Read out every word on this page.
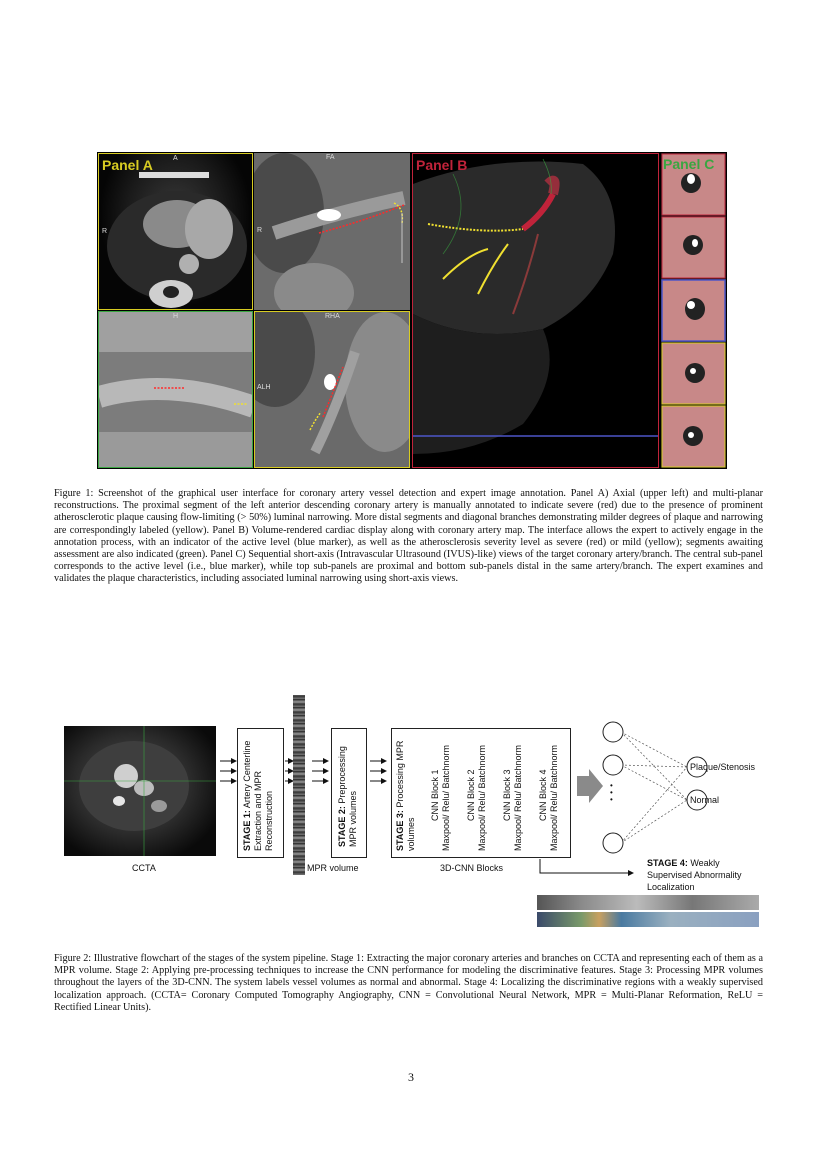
Panel A	A
R
FA
R
H	RHA
ALH
Panel B	Panel C
Figure 1: Screenshot of the graphical user interface for coronary artery vessel detection and expert image annotation. Panel A) Axial (upper left) and multi-planar reconstructions. The proximal segment of the left anterior descending coronary artery is manually annotated to indicate severe (red) due to the presence of prominent atherosclerotic plaque causing flow-limiting (> 50%) luminal narrowing. More distal segments and diagonal branches demonstrating milder degrees of plaque and narrowing are correspondingly labeled (yellow). Panel B) Volume-rendered cardiac display along with coronary artery map. The interface allows the expert to actively engage in the annotation process, with an indicator of the active level (blue marker), as well as the atherosclerosis severity level as severe (red) or mild (yellow); segments awaiting assessment are also indicated (green). Panel C) Sequential short-axis (Intravascular Ultrasound (IVUS)-like) views of the target coronary artery/branch. The central sub-panel corresponds to the active level (i.e., blue marker), while top sub-panels are proximal and bottom sub-panels distal in the same artery/branch. The expert examines and validates the plaque characteristics, including associated luminal narrowing using short-axis views.
CCTA
STAGE 1: Artery Centerline
Extraction and MPR
Reconstruction
MPR volume
STAGE 2: Preprocessing
MPR volumes	STAGE 3: Processing MPR
volumes
CNN Block 1
Maxpool/ Relu/ Batchnorm CNN Block 2
Maxpool/ Relu/ Batchnorm CNN Block 3
Maxpool/ Relu/ Batchnorm CNN Block 4
Maxpool/ Relu/ Batchnorm
3D-CNN Blocks
•
•
•
Plaque/Stenosis
Normal
STAGE 4: Weakly
Supervised Abnormality
Localization
Figure 2: Illustrative flowchart of the stages of the system pipeline. Stage 1: Extracting the major coronary arteries and branches on CCTA and representing each of them as a MPR volume. Stage 2: Applying pre-processing techniques to increase the CNN performance for modeling the discriminative features. Stage 3: Processing MPR volumes throughout the layers of the 3D-CNN. The system labels vessel volumes as normal and abnormal. Stage 4: Localizing the discriminative regions with a weakly supervised localization approach. (CCTA= Coronary Computed Tomography Angiography, CNN = Convolutional Neural Network, MPR = Multi-Planar Reformation, ReLU = Rectified Linear Units).
3
